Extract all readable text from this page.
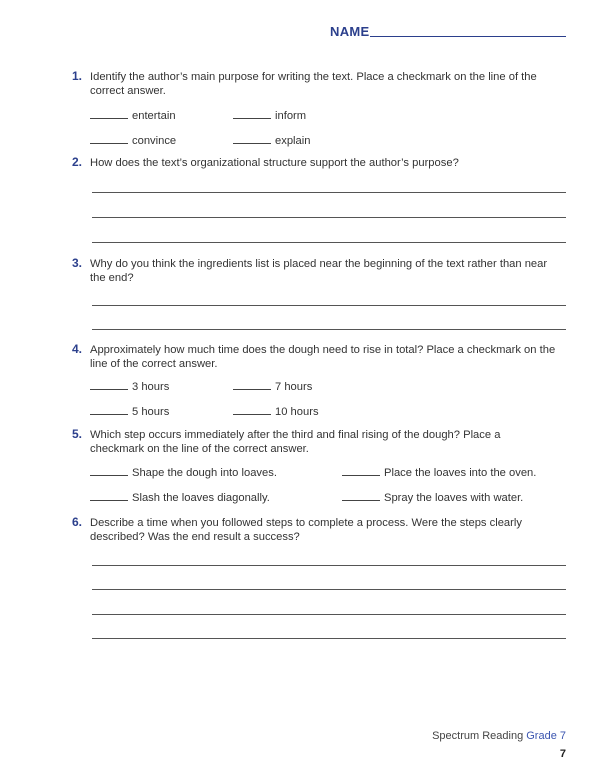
NAME
1. Identify the author’s main purpose for writing the text. Place a checkmark on the line of the correct answer.
entertain	inform
convince	explain
2. How does the text’s organizational structure support the author’s purpose?
3. Why do you think the ingredients list is placed near the beginning of the text rather than near the end?
4. Approximately how much time does the dough need to rise in total? Place a checkmark on the line of the correct answer.
3 hours	7 hours
5 hours	10 hours
5. Which step occurs immediately after the third and final rising of the dough? Place a checkmark on the line of the correct answer.
Shape the dough into loaves.	Place the loaves into the oven.
Slash the loaves diagonally.	Spray the loaves with water.
6. Describe a time when you followed steps to complete a process. Were the steps clearly described? Was the end result a success?
Spectrum Reading Grade 7
7
